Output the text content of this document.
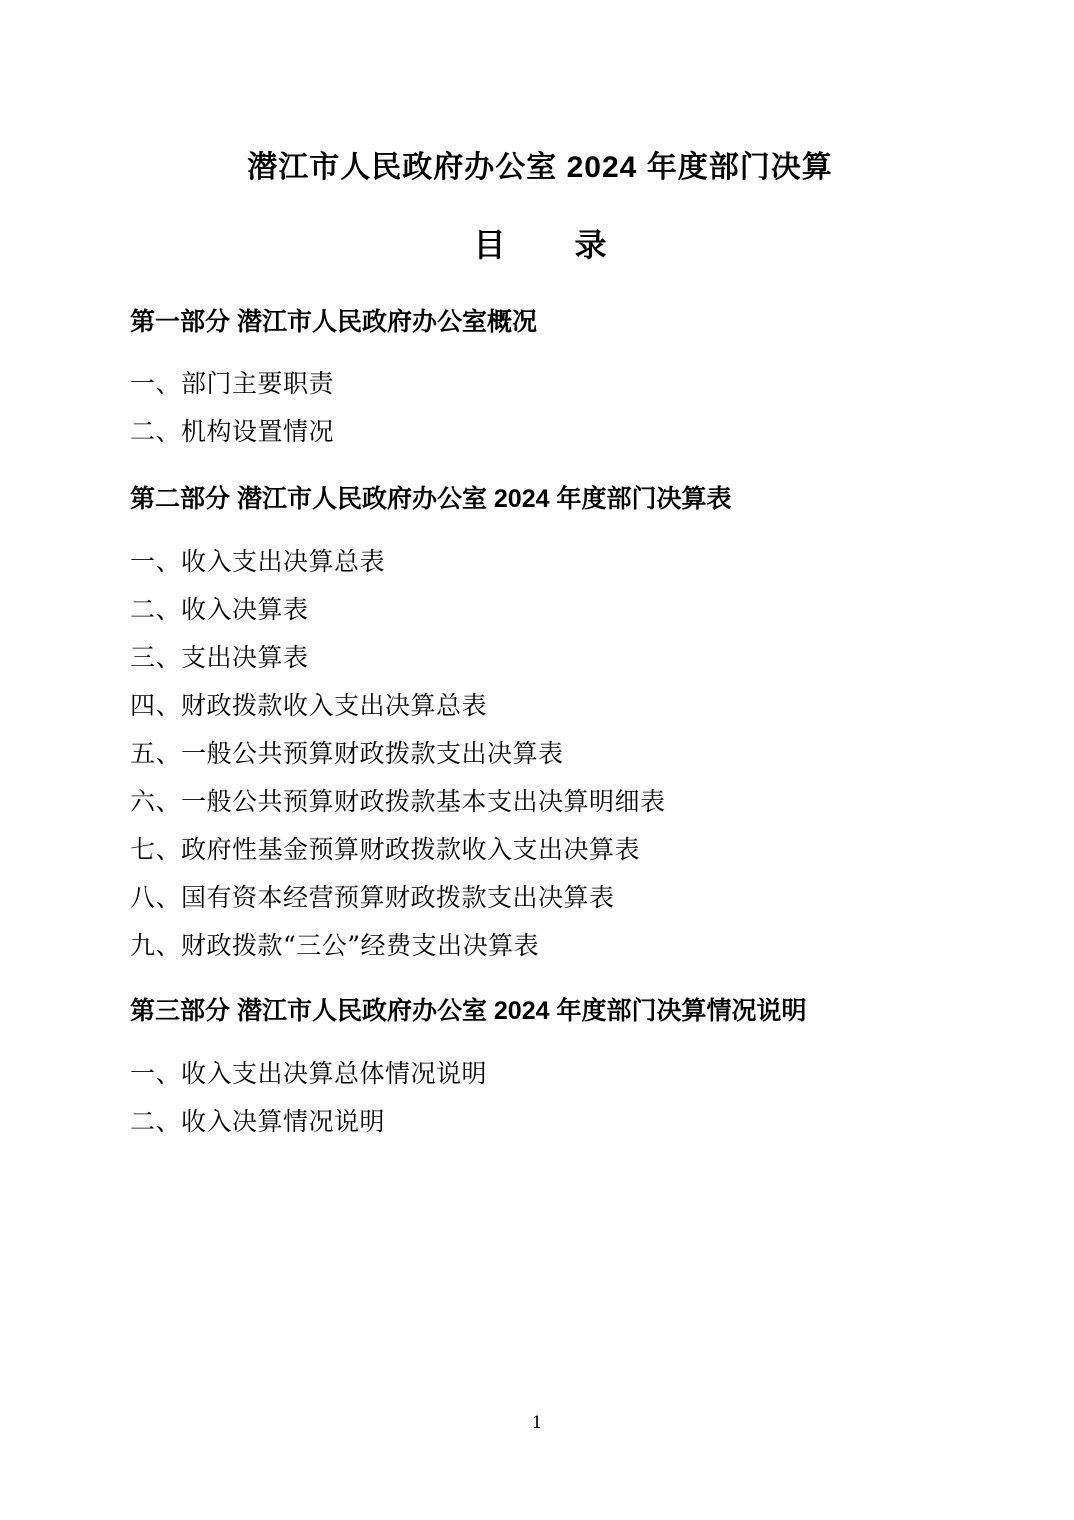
潜江市人民政府办公室 2024 年度部门决算
目 录
第一部分 潜江市人民政府办公室概况
一、部门主要职责
二、机构设置情况
第二部分 潜江市人民政府办公室 2024 年度部门决算表
一、收入支出决算总表
二、收入决算表
三、支出决算表
四、财政拨款收入支出决算总表
五、一般公共预算财政拨款支出决算表
六、一般公共预算财政拨款基本支出决算明细表
七、政府性基金预算财政拨款收入支出决算表
八、国有资本经营预算财政拨款支出决算表
九、财政拨款“三公”经费支出决算表
第三部分 潜江市人民政府办公室 2024 年度部门决算情况说明
一、收入支出决算总体情况说明
二、收入决算情况说明
1
